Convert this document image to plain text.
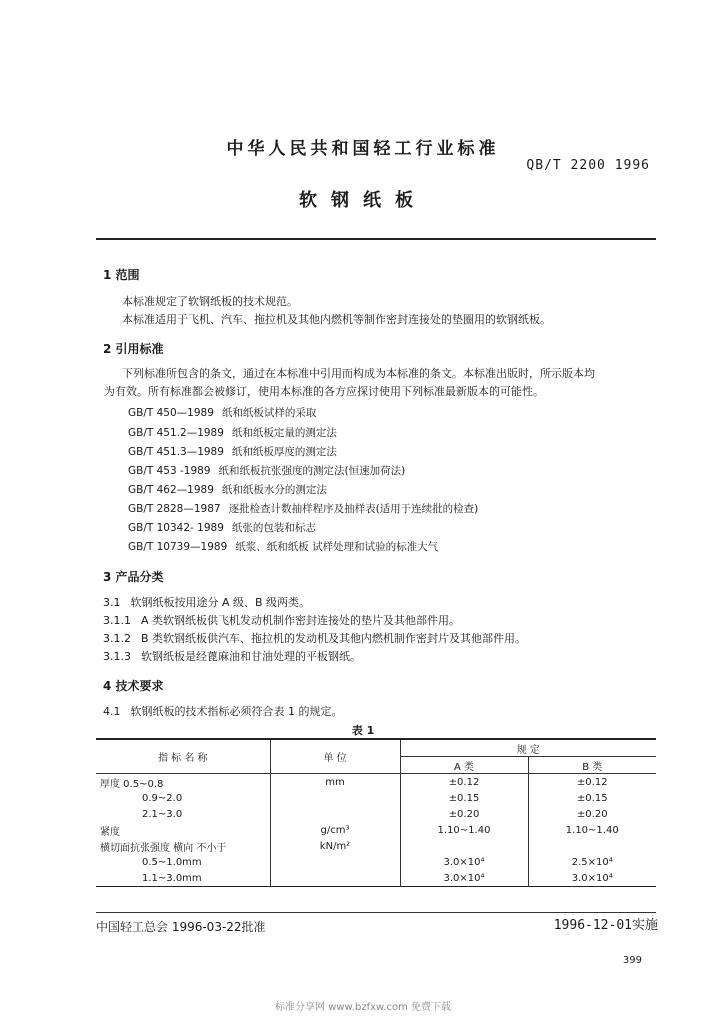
中华人民共和国轻工行业标准
QB/T 2200 1996
软钢纸板
1 范围
本标准规定了软钢纸板的技术规范。
本标准适用于飞机、汽车、拖拉机及其他内燃机等制作密封连接处的垫圈用的软钢纸板。
2 引用标准
下列标准所包含的条文，通过在本标准中引用而构成为本标准的条文。本标准出版时，所示版本均
为有效。所有标准都会被修订，使用本标准的各方应探讨使用下列标准最新版本的可能性。
GB/T 450—1989 纸和纸板试样的采取
GB/T 451.2—1989 纸和纸板定量的测定法
GB/T 451.3—1989 纸和纸板厚度的测定法
GB/T 453 -1989 纸和纸板抗张强度的测定法(恒速加荷法)
GB/T 462—1989 纸和纸板水分的测定法
GB/T 2828—1987 逐批检查计数抽样程序及抽样表(适用于连续批的检查)
GB/T 10342- 1989 纸张的包装和标志
GB/T 10739—1989 纸浆、纸和纸板 试样处理和试验的标准大气
3 产品分类
3.1 软钢纸板按用途分 A 级、B 级两类。
3.1.1 A 类软钢纸板供飞机发动机制作密封连接处的垫片及其他部件用。
3.1.2 B 类软钢纸板供汽车、拖拉机的发动机及其他内燃机制作密封片及其他部件用。
3.1.3 软钢纸板是经蓖麻油和甘油处理的平板钢纸。
4 技术要求
4.1 软钢纸板的技术指标必须符合表 1 的规定。
表 1
指 标 名 称	单 位	规 定	
		A 类	B 类
厚度 0.5~0.8	mm	±0.12	±0.12
0.9~2.0		±0.15	±0.15
2.1~3.0		±0.20	±0.20
紧度	g/cm³	1.10~1.40	1.10~1.40
横切面抗张强度 横向 不小于	kN/m²		
0.5~1.0mm		3.0×10⁴	2.5×10⁴
1.1~3.0mm		3.0×10⁴	3.0×10⁴
中国轻工总会 1996-03-22批准	1996-12-01实施
399
标准分享网 www.bzfxw.com 免费下载
